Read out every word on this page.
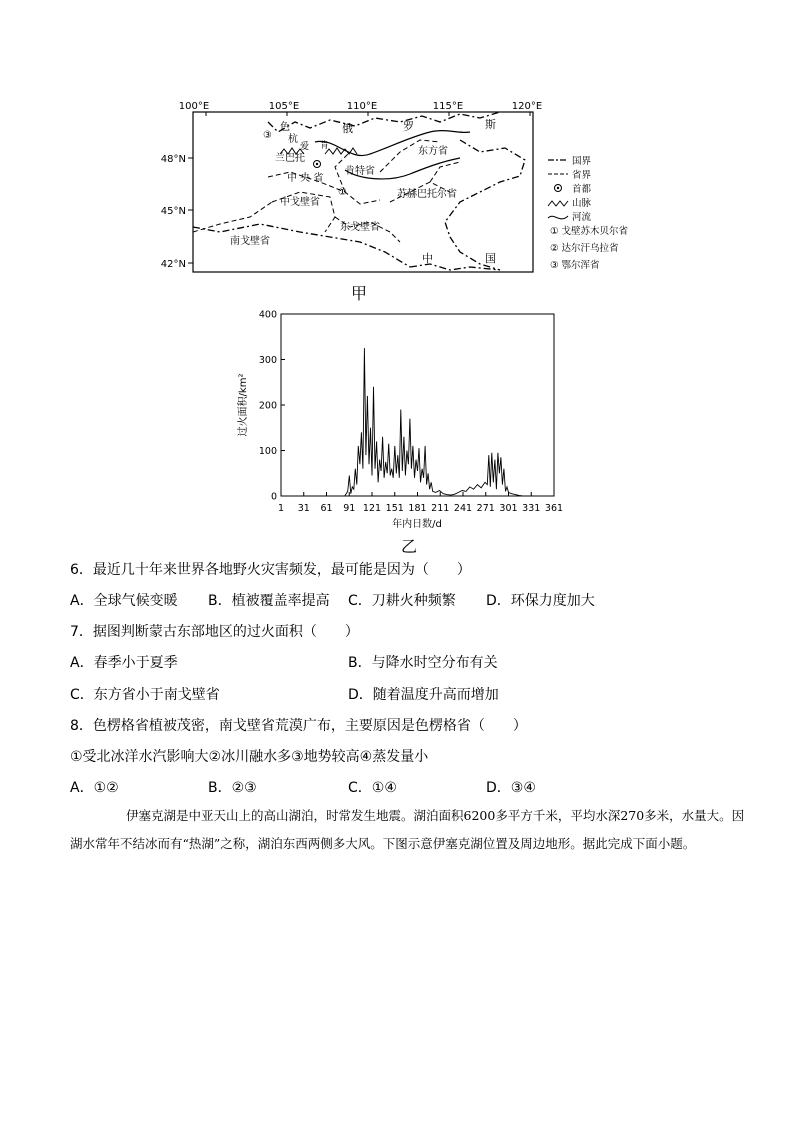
100°E	105°E	110°E	115°E	120°E
48°N
45°N
42°N
色	俄	罗	斯
③ 杭
爱 肯
兰巴托
中 央 省
肯特省
东方省
①	苏赫巴托尔省
中戈壁省
东戈壁省
南戈壁省
中	国
国界
省界
首都
山脉
河流
① 戈壁苏木贝尔省
② 达尔汗乌拉省
③ 鄂尔浑省
甲
0
100
200
300
400
1 31 61 91 121 151 181 211 241 271 301 331 361
年内日数/d
过火面积/km²
乙
6．最近几十年来世界各地野火灾害频发，最可能是因为（　　）
A．全球气候变暖 B．植被覆盖率提高 C．刀耕火种频繁 D．环保力度加大
7．据图判断蒙古东部地区的过火面积（　　）
A．春季小于夏季	B．与降水时空分布有关
C．东方省小于南戈壁省	D．随着温度升高而增加
8．色楞格省植被茂密，南戈壁省荒漠广布，主要原因是色楞格省（　　）
①受北冰洋水汽影响大②冰川融水多③地势较高④蒸发量小
A．①②	B．②③	C．①④	D．③④
伊塞克湖是中亚天山上的高山湖泊，时常发生地震。湖泊面积6200多平方千米，平均水深270多米，水量大。因湖水常年不结冰而有“热湖”之称，湖泊东西两侧多大风。下图示意伊塞克湖位置及周边地形。据此完成下面小题。
